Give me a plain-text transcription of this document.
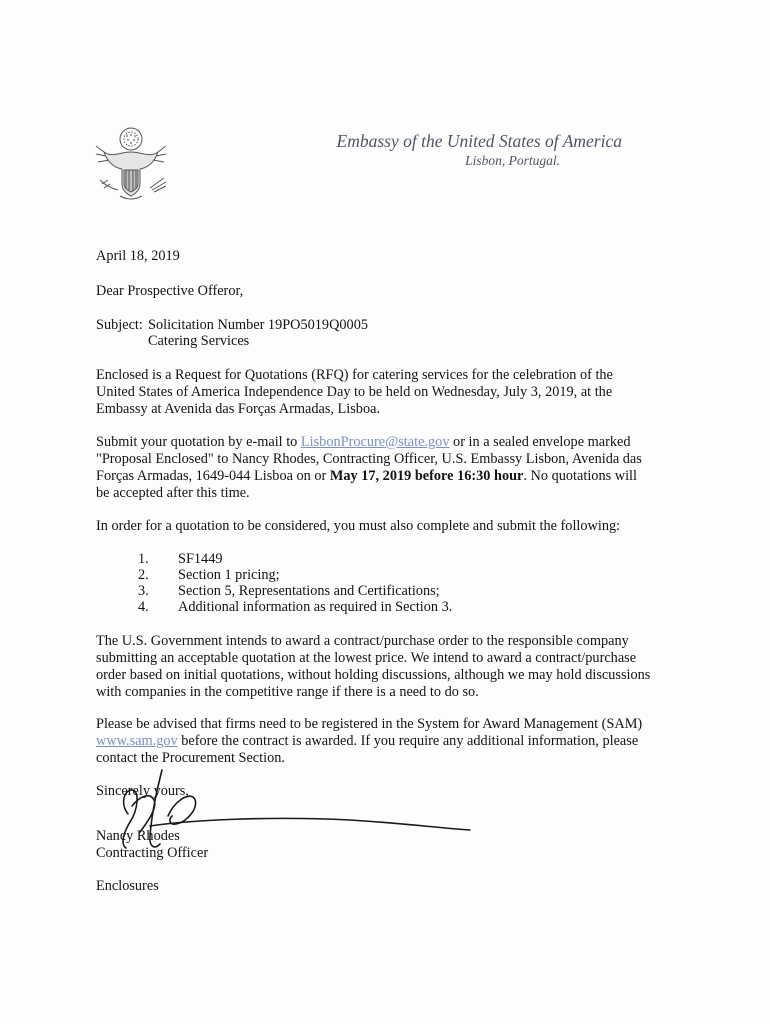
Embassy of the United States of America
Lisbon, Portugal.
April 18, 2019
Dear Prospective Offeror,
Subject: Solicitation Number 19PO5019Q0005
Catering Services
Enclosed is a Request for Quotations (RFQ) for catering services for the celebration of the
United States of America Independence Day to be held on Wednesday, July 3, 2019, at the
Embassy at Avenida das Forças Armadas, Lisboa.
Submit your quotation by e-mail to LisbonProcure@state.gov or in a sealed envelope marked
"Proposal Enclosed" to Nancy Rhodes, Contracting Officer, U.S. Embassy Lisbon, Avenida das
Forças Armadas, 1649-044 Lisboa on or May 17, 2019 before 16:30 hour. No quotations will
be accepted after this time.
In order for a quotation to be considered, you must also complete and submit the following:
1. SF1449
2. Section 1 pricing;
3. Section 5, Representations and Certifications;
4. Additional information as required in Section 3.
The U.S. Government intends to award a contract/purchase order to the responsible company
submitting an acceptable quotation at the lowest price. We intend to award a contract/purchase
order based on initial quotations, without holding discussions, although we may hold discussions
with companies in the competitive range if there is a need to do so.
Please be advised that firms need to be registered in the System for Award Management (SAM)
www.sam.gov before the contract is awarded. If you require any additional information, please
contact the Procurement Section.
Sincerely yours,
Nancy Rhodes
Contracting Officer
Enclosures
